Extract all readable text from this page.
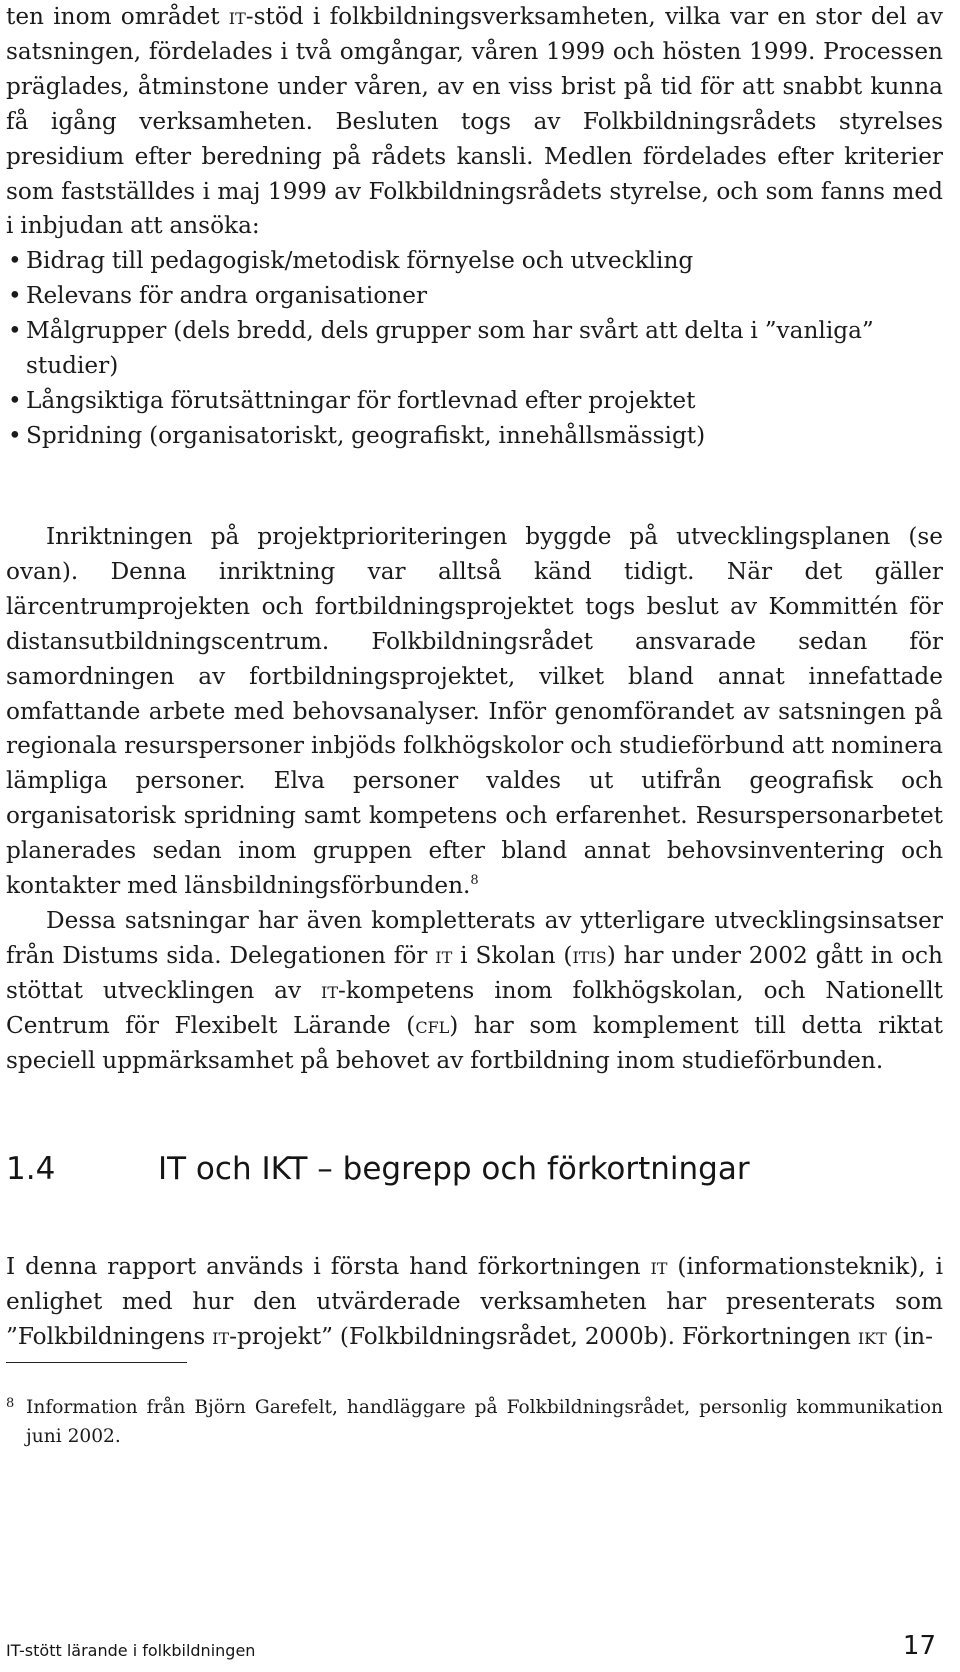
ten inom området it-stöd i folkbildningsverksamheten, vilka var en stor del av satsningen, fördelades i två omgångar, våren 1999 och hösten 1999. Processen präglades, åtminstone under våren, av en viss brist på tid för att snabbt kunna få igång verksamheten. Besluten togs av Folkbildningsrådets styrelses presidium efter beredning på rådets kansli. Medlen fördelades efter kriterier som fastställdes i maj 1999 av Folkbildningsrådets styrelse, och som fanns med i inbjudan att ansöka:

• Bidrag till pedagogisk/metodisk förnyelse och utveckling
• Relevans för andra organisationer
• Målgrupper (dels bredd, dels grupper som har svårt att delta i ”vanliga” studier)
• Långsiktiga förutsättningar för fortlevnad efter projektet
• Spridning (organisatoriskt, geografiskt, innehållsmässigt)

Inriktningen på projektprioriteringen byggde på utvecklingsplanen (se ovan). Denna inriktning var alltså känd tidigt. När det gäller lärcentrumprojekten och fortbildningsprojektet togs beslut av Kommittén för distansutbildningscentrum. Folkbildningsrådet ansvarade sedan för samordningen av fortbildningsprojektet, vilket bland annat innefattade omfattande arbete med behovsanalyser. Inför genomförandet av satsningen på regionala resurspersoner inbjöds folkhögskolor och studieförbund att nominera lämpliga personer. Elva personer valdes ut utifrån geografisk och organisatorisk spridning samt kompetens och erfarenhet. Resurspersonarbetet planerades sedan inom gruppen efter bland annat behovsinventering och kontakter med länsbildningsförbunden.$^8$

Dessa satsningar har även kompletterats av ytterligare utvecklingsinsatser från Distums sida. Delegationen för it i Skolan (itis) har under 2002 gått in och stöttat utvecklingen av it-kompetens inom folkhögskolan, och Nationellt Centrum för Flexibelt Lärande (cfl) har som komplement till detta riktat speciell uppmärksamhet på behovet av fortbildning inom studieförbunden.

1.4	IT och IKT – begrepp och förkortningar

I denna rapport används i första hand förkortningen it (informationsteknik), i enlighet med hur den utvärderade verksamheten har presenterats som ”Folkbildningens it-projekt” (Folkbildningsrådet, 2000b). Förkortningen ikt (in-

8 Information från Björn Garefelt, handläggare på Folkbildningsrådet, personlig kommunikation juni 2002.
IT-stött lärande i folkbildningen	17
